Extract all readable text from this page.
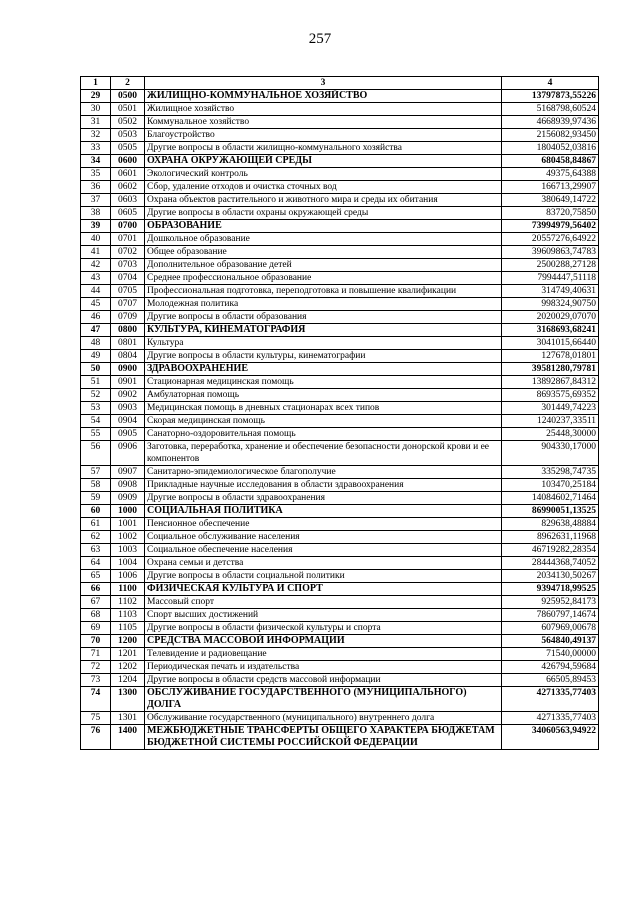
257
1	2	3	4
29	0500	ЖИЛИЩНО-КОММУНАЛЬНОЕ ХОЗЯЙСТВО	13797873,55226
30	0501	Жилищное хозяйство	5168798,60524
31	0502	Коммунальное хозяйство	4668939,97436
32	0503	Благоустройство	2156082,93450
33	0505	Другие вопросы в области жилищно-коммунального хозяйства	1804052,03816
34	0600	ОХРАНА ОКРУЖАЮЩЕЙ СРЕДЫ	680458,84867
35	0601	Экологический контроль	49375,64388
36	0602	Сбор, удаление отходов и очистка сточных вод	166713,29907
37	0603	Охрана объектов растительного и животного мира и среды их обитания	380649,14722
38	0605	Другие вопросы в области охраны окружающей среды	83720,75850
39	0700	ОБРАЗОВАНИЕ	73994979,56402
40	0701	Дошкольное образование	20557276,64922
41	0702	Общее образование	39609863,74783
42	0703	Дополнительное образование детей	2500288,27128
43	0704	Среднее профессиональное образование	7994447,51118
44	0705	Профессиональная подготовка, переподготовка и повышение квалификации	314749,40631
45	0707	Молодежная политика	998324,90750
46	0709	Другие вопросы в области образования	2020029,07070
47	0800	КУЛЬТУРА, КИНЕМАТОГРАФИЯ	3168693,68241
48	0801	Культура	3041015,66440
49	0804	Другие вопросы в области культуры, кинематографии	127678,01801
50	0900	ЗДРАВООХРАНЕНИЕ	39581280,79781
51	0901	Стационарная медицинская помощь	13892867,84312
52	0902	Амбулаторная помощь	8693575,69352
53	0903	Медицинская помощь в дневных стационарах всех типов	301449,74223
54	0904	Скорая медицинская помощь	1240237,33511
55	0905	Санаторно-оздоровительная помощь	25448,30000
56	0906	Заготовка, переработка, хранение и обеспечение безопасности донорской крови и ее компонентов	904330,17000
57	0907	Санитарно-эпидемиологическое благополучие	335298,74735
58	0908	Прикладные научные исследования в области здравоохранения	103470,25184
59	0909	Другие вопросы в области здравоохранения	14084602,71464
60	1000	СОЦИАЛЬНАЯ ПОЛИТИКА	86990051,13525
61	1001	Пенсионное обеспечение	829638,48884
62	1002	Социальное обслуживание населения	8962631,11968
63	1003	Социальное обеспечение населения	46719282,28354
64	1004	Охрана семьи и детства	28444368,74052
65	1006	Другие вопросы в области социальной политики	2034130,50267
66	1100	ФИЗИЧЕСКАЯ КУЛЬТУРА И СПОРТ	9394718,99525
67	1102	Массовый спорт	925952,84173
68	1103	Спорт высших достижений	7860797,14674
69	1105	Другие вопросы в области физической культуры и спорта	607969,00678
70	1200	СРЕДСТВА МАССОВОЙ ИНФОРМАЦИИ	564840,49137
71	1201	Телевидение и радиовещание	71540,00000
72	1202	Периодическая печать и издательства	426794,59684
73	1204	Другие вопросы в области средств массовой информации	66505,89453
74	1300	ОБСЛУЖИВАНИЕ ГОСУДАРСТВЕННОГО (МУНИЦИПАЛЬНОГО) ДОЛГА	4271335,77403
75	1301	Обслуживание государственного (муниципального) внутреннего долга	4271335,77403
76	1400	МЕЖБЮДЖЕТНЫЕ ТРАНСФЕРТЫ ОБЩЕГО ХАРАКТЕРА БЮДЖЕТАМ БЮДЖЕТНОЙ СИСТЕМЫ РОССИЙСКОЙ ФЕДЕРАЦИИ	34060563,94922
